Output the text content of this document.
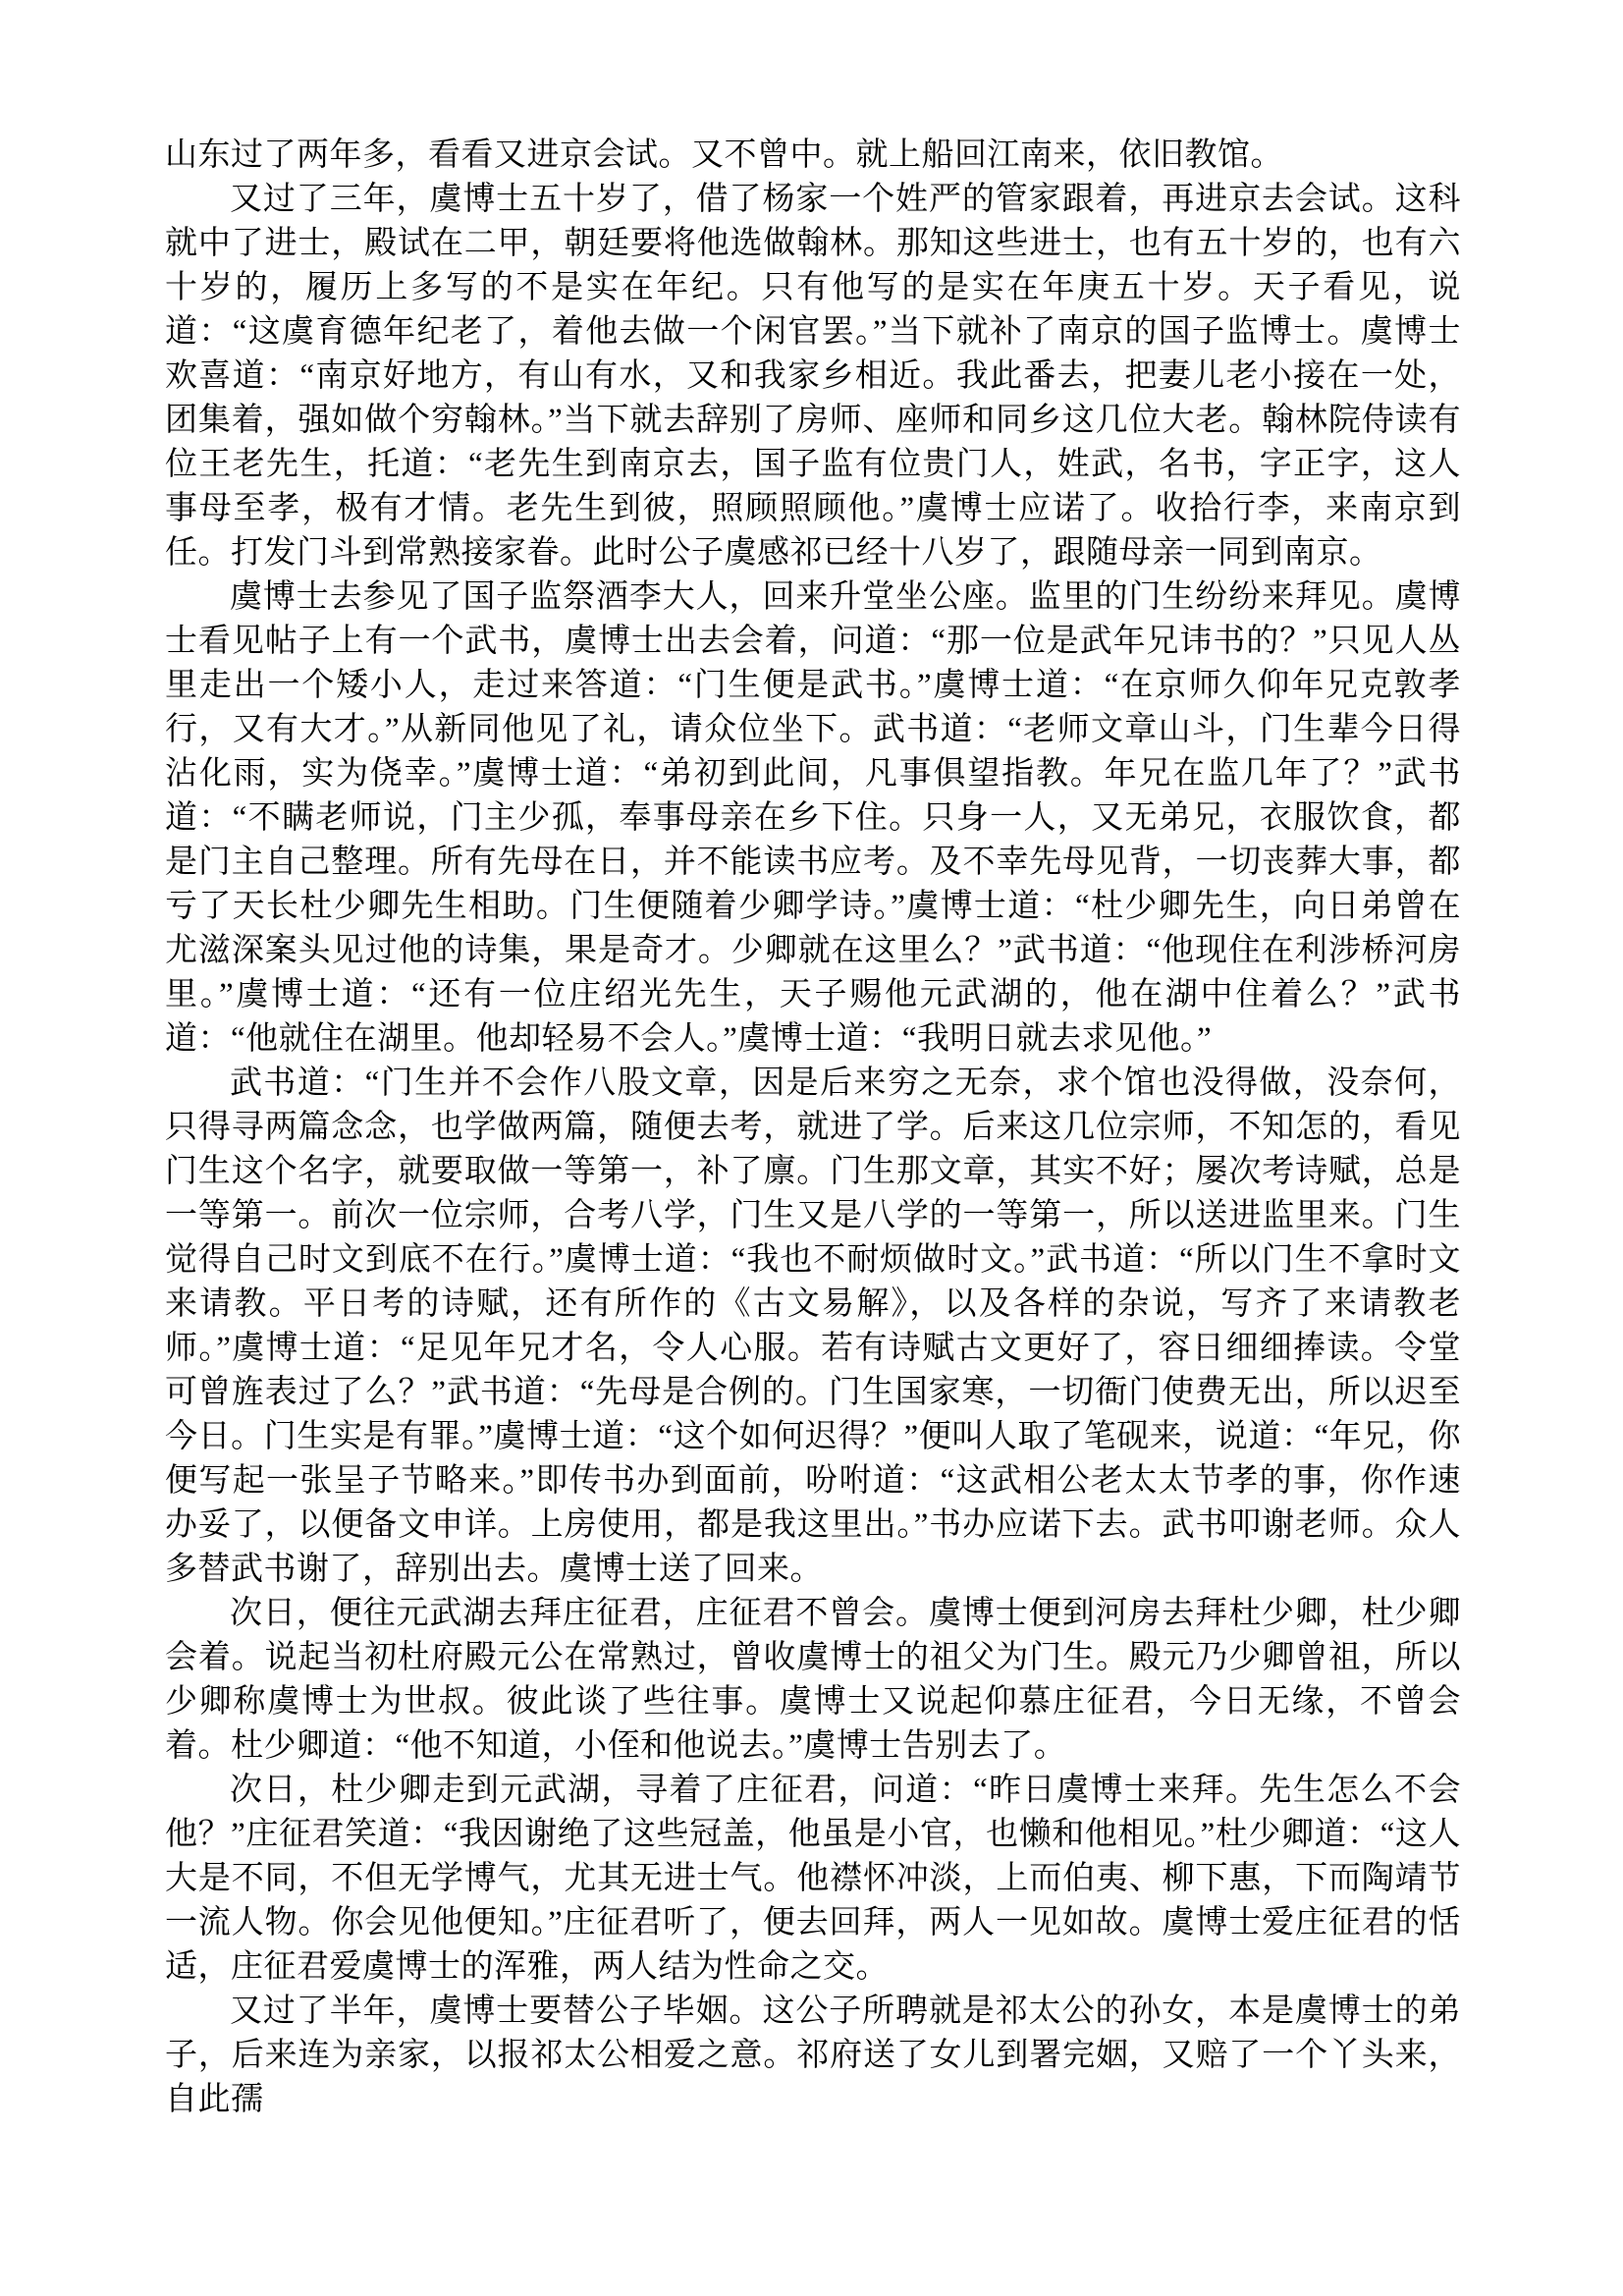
山东过了两年多，看看又进京会试。又不曾中。就上船回江南来，依旧教馆。

又过了三年，虞博士五十岁了，借了杨家一个姓严的管家跟着，再进京去会试。这科就中了进士，殿试在二甲，朝廷要将他选做翰林。那知这些进士，也有五十岁的，也有六十岁的，履历上多写的不是实在年纪。只有他写的是实在年庚五十岁。天子看见，说道：“这虞育德年纪老了，着他去做一个闲官罢。”当下就补了南京的国子监博士。虞博士欢喜道：“南京好地方，有山有水，又和我家乡相近。我此番去，把妻儿老小接在一处，团集着，强如做个穷翰林。”当下就去辞别了房师、座师和同乡这几位大老。翰林院侍读有位王老先生，托道：“老先生到南京去，国子监有位贵门人，姓武，名书，字正字，这人事母至孝，极有才情。老先生到彼，照顾照顾他。”虞博士应诺了。收拾行李，来南京到任。打发门斗到常熟接家眷。此时公子虞感祁已经十八岁了，跟随母亲一同到南京。

虞博士去参见了国子监祭酒李大人，回来升堂坐公座。监里的门生纷纷来拜见。虞博士看见帖子上有一个武书，虞博士出去会着，问道：“那一位是武年兄讳书的？”只见人丛里走出一个矮小人，走过来答道：“门生便是武书。”虞博士道：“在京师久仰年兄克敦孝行，又有大才。”从新同他见了礼，请众位坐下。武书道：“老师文章山斗，门生辈今日得沾化雨，实为侥幸。”虞博士道：“弟初到此间，凡事俱望指教。年兄在监几年了？”武书道：“不瞒老师说，门主少孤，奉事母亲在乡下住。只身一人，又无弟兄，衣服饮食，都是门主自己整理。所有先母在日，并不能读书应考。及不幸先母见背，一切丧葬大事，都亏了天长杜少卿先生相助。门生便随着少卿学诗。”虞博士道：“杜少卿先生，向日弟曾在尤滋深案头见过他的诗集，果是奇才。少卿就在这里么？”武书道：“他现住在利涉桥河房里。”虞博士道：“还有一位庄绍光先生，天子赐他元武湖的，他在湖中住着么？”武书道：“他就住在湖里。他却轻易不会人。”虞博士道：“我明日就去求见他。”

武书道：“门生并不会作八股文章，因是后来穷之无奈，求个馆也没得做，没奈何，只得寻两篇念念，也学做两篇，随便去考，就进了学。后来这几位宗师，不知怎的，看见门生这个名字，就要取做一等第一，补了廪。门生那文章，其实不好；屡次考诗赋，总是一等第一。前次一位宗师，合考八学，门生又是八学的一等第一，所以送进监里来。门生觉得自己时文到底不在行。”虞博士道：“我也不耐烦做时文。”武书道：“所以门生不拿时文来请教。平日考的诗赋，还有所作的《古文易解》，以及各样的杂说，写齐了来请教老师。”虞博士道：“足见年兄才名，令人心服。若有诗赋古文更好了，容日细细捧读。令堂可曾旌表过了么？”武书道：“先母是合例的。门生国家寒，一切衙门使费无出，所以迟至今日。门生实是有罪。”虞博士道：“这个如何迟得？”便叫人取了笔砚来，说道：“年兄，你便写起一张呈子节略来。”即传书办到面前，吩咐道：“这武相公老太太节孝的事，你作速办妥了，以便备文申详。上房使用，都是我这里出。”书办应诺下去。武书叩谢老师。众人多替武书谢了，辞别出去。虞博士送了回来。

次日，便往元武湖去拜庄征君，庄征君不曾会。虞博士便到河房去拜杜少卿，杜少卿会着。说起当初杜府殿元公在常熟过，曾收虞博士的祖父为门生。殿元乃少卿曾祖，所以少卿称虞博士为世叔。彼此谈了些往事。虞博士又说起仰慕庄征君，今日无缘，不曾会着。杜少卿道：“他不知道，小侄和他说去。”虞博士告别去了。

次日，杜少卿走到元武湖，寻着了庄征君，问道：“昨日虞博士来拜。先生怎么不会他？”庄征君笑道：“我因谢绝了这些冠盖，他虽是小官，也懒和他相见。”杜少卿道：“这人大是不同，不但无学博气，尤其无进士气。他襟怀冲淡，上而伯夷、柳下惠，下而陶靖节一流人物。你会见他便知。”庄征君听了，便去回拜，两人一见如故。虞博士爱庄征君的恬适，庄征君爱虞博士的浑雅，两人结为性命之交。

又过了半年，虞博士要替公子毕姻。这公子所聘就是祁太公的孙女，本是虞博士的弟子，后来连为亲家，以报祁太公相爱之意。祁府送了女儿到署完姻，又赔了一个丫头来，自此孺
